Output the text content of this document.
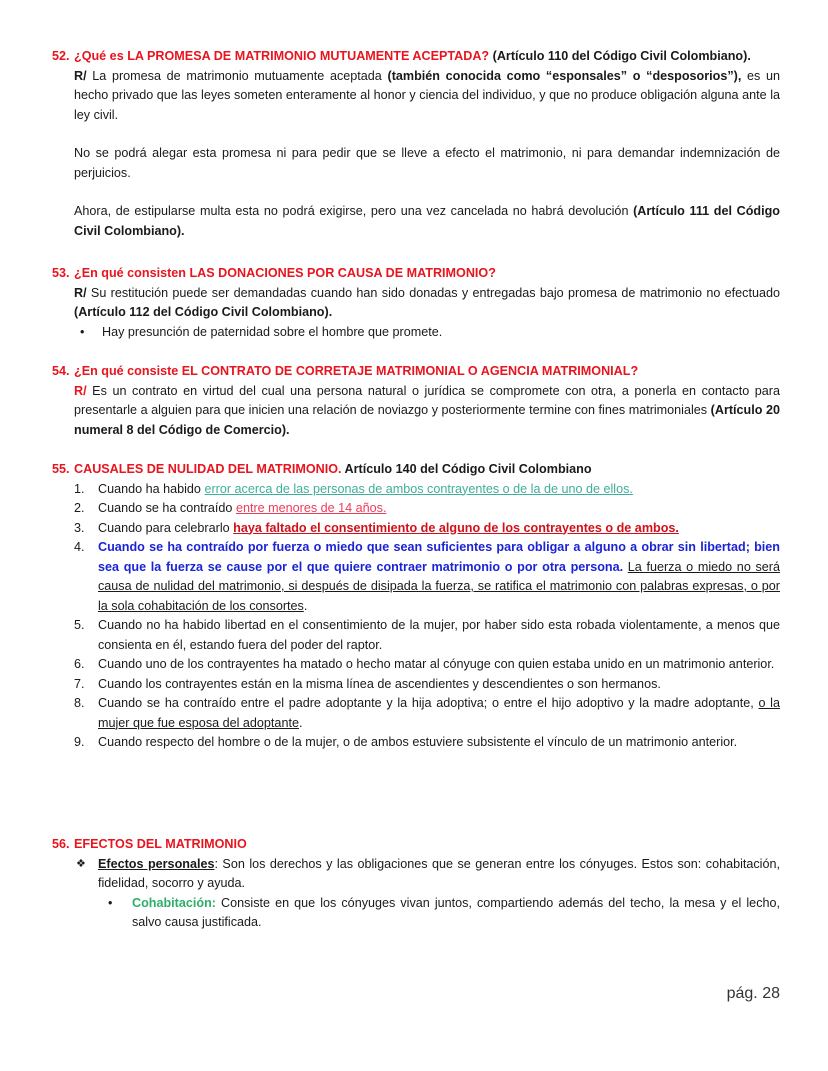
52. ¿Qué es LA PROMESA DE MATRIMONIO MUTUAMENTE ACEPTADA? (Artículo 110 del Código Civil Colombiano).
R/ La promesa de matrimonio mutuamente aceptada (también conocida como “esponsales” o “desposorios”), es un hecho privado que las leyes someten enteramente al honor y ciencia del individuo, y que no produce obligación alguna ante la ley civil.
No se podrá alegar esta promesa ni para pedir que se lleve a efecto el matrimonio, ni para demandar indemnización de perjuicios.
Ahora, de estipularse multa esta no podrá exigirse, pero una vez cancelada no habrá devolución (Artículo 111 del Código Civil Colombiano).
53. ¿En qué consisten LAS DONACIONES POR CAUSA DE MATRIMONIO?
R/ Su restitución puede ser demandadas cuando han sido donadas y entregadas bajo promesa de matrimonio no efectuado (Artículo 112 del Código Civil Colombiano).
• Hay presunción de paternidad sobre el hombre que promete.
54. ¿En qué consiste EL CONTRATO DE CORRETAJE MATRIMONIAL O AGENCIA MATRIMONIAL?
R/ Es un contrato en virtud del cual una persona natural o jurídica se compromete con otra, a ponerla en contacto para presentarle a alguien para que inicien una relación de noviazgo y posteriormente termine con fines matrimoniales (Artículo 20 numeral 8 del Código de Comercio).
55. CAUSALES DE NULIDAD DEL MATRIMONIO. Artículo 140 del Código Civil Colombiano
1. Cuando ha habido error acerca de las personas de ambos contrayentes o de la de uno de ellos.
2. Cuando se ha contraído entre menores de 14 años.
3. Cuando para celebrarlo haya faltado el consentimiento de alguno de los contrayentes o de ambos.
4. Cuando se ha contraído por fuerza o miedo que sean suficientes para obligar a alguno a obrar sin libertad; bien sea que la fuerza se cause por el que quiere contraer matrimonio o por otra persona. La fuerza o miedo no será causa de nulidad del matrimonio, si después de disipada la fuerza, se ratifica el matrimonio con palabras expresas, o por la sola cohabitación de los consortes.
5. Cuando no ha habido libertad en el consentimiento de la mujer, por haber sido esta robada violentamente, a menos que consienta en él, estando fuera del poder del raptor.
6. Cuando uno de los contrayentes ha matado o hecho matar al cónyuge con quien estaba unido en un matrimonio anterior.
7. Cuando los contrayentes están en la misma línea de ascendientes y descendientes o son hermanos.
8. Cuando se ha contraído entre el padre adoptante y la hija adoptiva; o entre el hijo adoptivo y la madre adoptante, o la mujer que fue esposa del adoptante.
9. Cuando respecto del hombre o de la mujer, o de ambos estuviere subsistente el vínculo de un matrimonio anterior.
56. EFECTOS DEL MATRIMONIO
❖ Efectos personales: Son los derechos y las obligaciones que se generan entre los cónyuges. Estos son: cohabitación, fidelidad, socorro y ayuda.
• Cohabitación: Consiste en que los cónyuges vivan juntos, compartiendo además del techo, la mesa y el lecho, salvo causa justificada.
pág. 28
